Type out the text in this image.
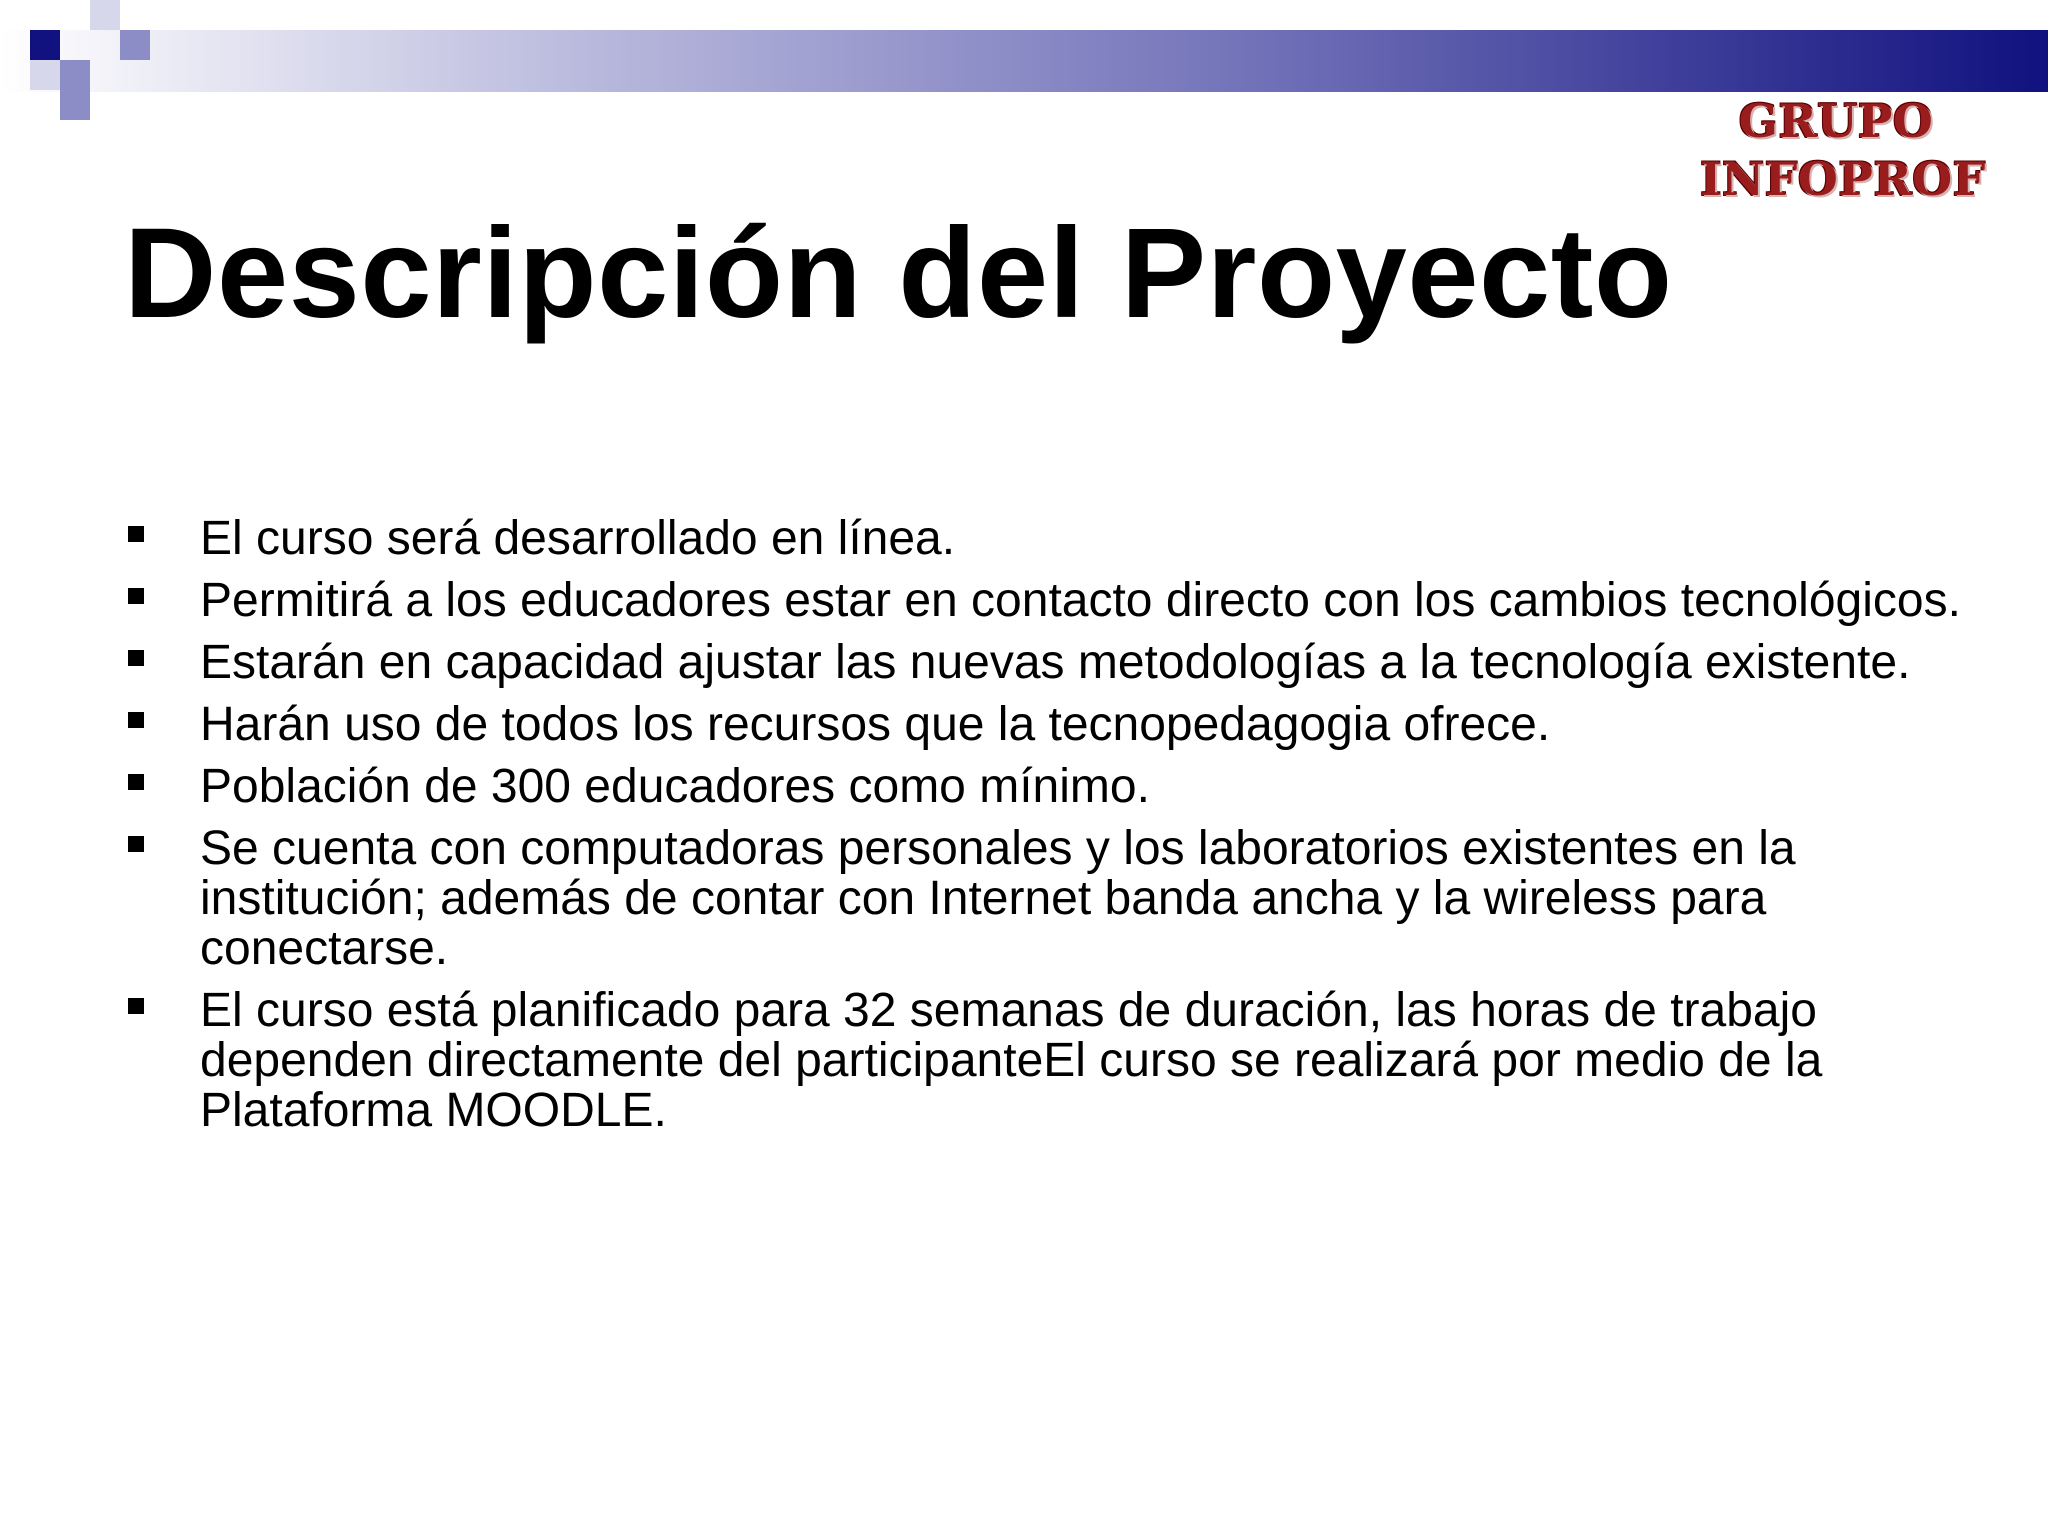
GRUPO
INFOPROF
Descripción del Proyecto
El curso será desarrollado en línea.
Permitirá a los educadores estar en contacto directo con los cambios tecnológicos.
Estarán en capacidad ajustar las nuevas metodologías a la tecnología existente.
Harán uso de todos los recursos que la tecnopedagogia ofrece.
Población de 300 educadores como mínimo.
Se cuenta con computadoras personales y los laboratorios existentes en la institución; además de contar con Internet banda ancha y la wireless para conectarse.
El curso está planificado para 32 semanas de duración, las horas de trabajo dependen directamente del participanteEl curso se realizará por medio de la Plataforma MOODLE.
